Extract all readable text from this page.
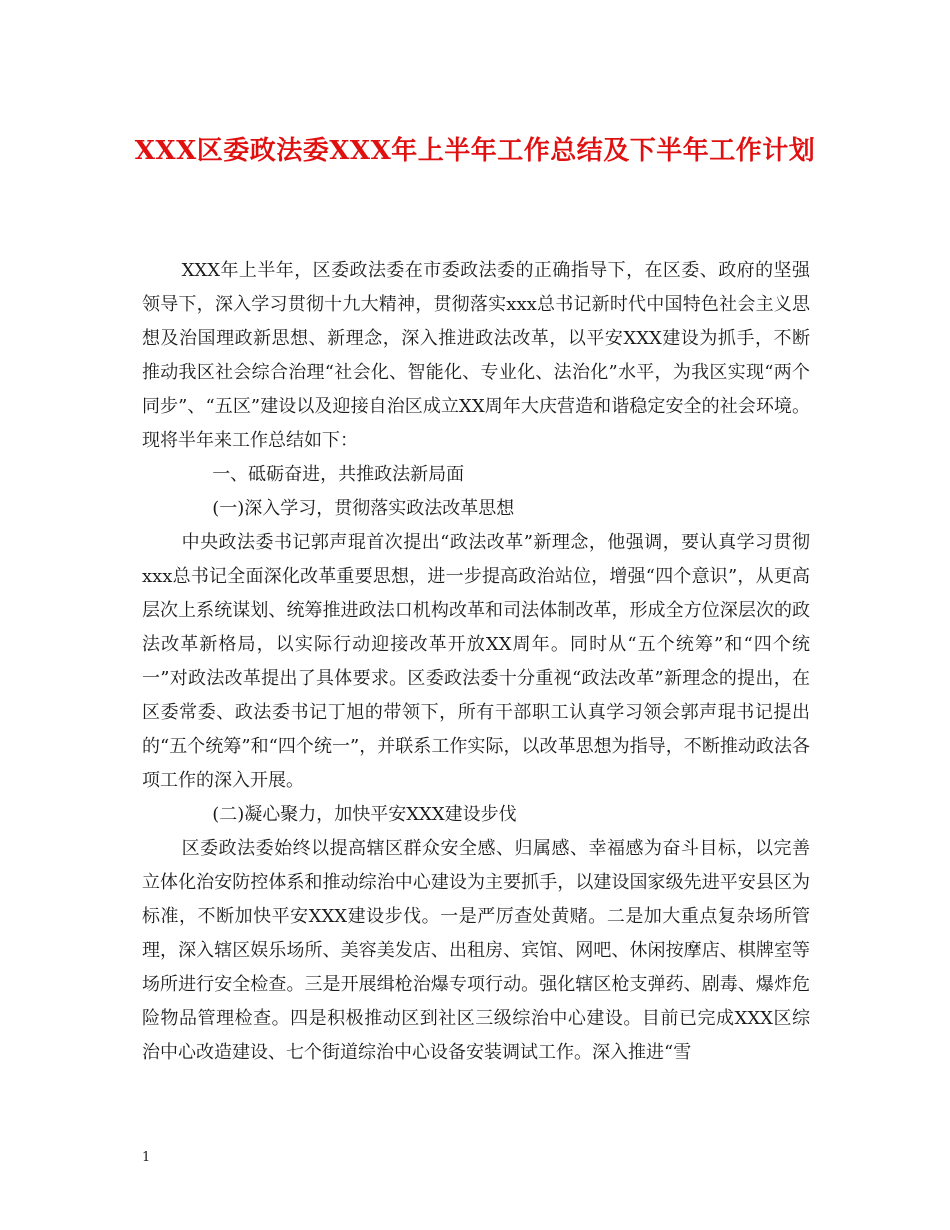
XXX区委政法委XXX年上半年工作总结及下半年工作计划

XXX年上半年，区委政法委在市委政法委的正确指导下，在区委、政府的坚强领导下，深入学习贯彻十九大精神，贯彻落实xxx总书记新时代中国特色社会主义思想及治国理政新思想、新理念，深入推进政法改革，以平安XXX建设为抓手，不断推动我区社会综合治理“社会化、智能化、专业化、法治化”水平，为我区实现“两个同步”、“五区”建设以及迎接自治区成立XX周年大庆营造和谐稳定安全的社会环境。现将半年来工作总结如下：

一、砥砺奋进，共推政法新局面

(一)深入学习，贯彻落实政法改革思想

中央政法委书记郭声琨首次提出“政法改革”新理念，他强调，要认真学习贯彻xxx总书记全面深化改革重要思想，进一步提高政治站位，增强“四个意识”，从更高层次上系统谋划、统筹推进政法口机构改革和司法体制改革，形成全方位深层次的政法改革新格局，以实际行动迎接改革开放XX周年。同时从“五个统筹”和“四个统一”对政法改革提出了具体要求。区委政法委十分重视“政法改革”新理念的提出，在区委常委、政法委书记丁旭的带领下，所有干部职工认真学习领会郭声琨书记提出的“五个统筹”和“四个统一”，并联系工作实际，以改革思想为指导，不断推动政法各项工作的深入开展。

(二)凝心聚力，加快平安XXX建设步伐

区委政法委始终以提高辖区群众安全感、归属感、幸福感为奋斗目标，以完善立体化治安防控体系和推动综治中心建设为主要抓手，以建设国家级先进平安县区为标准，不断加快平安XXX建设步伐。一是严厉查处黄赌。二是加大重点复杂场所管理，深入辖区娱乐场所、美容美发店、出租房、宾馆、网吧、休闲按摩店、棋牌室等场所进行安全检查。三是开展缉枪治爆专项行动。强化辖区枪支弹药、剧毒、爆炸危险物品管理检查。四是积极推动区到社区三级综治中心建设。目前已完成XXX区综治中心改造建设、七个街道综治中心设备安装调试工作。深入推进“雪

1
